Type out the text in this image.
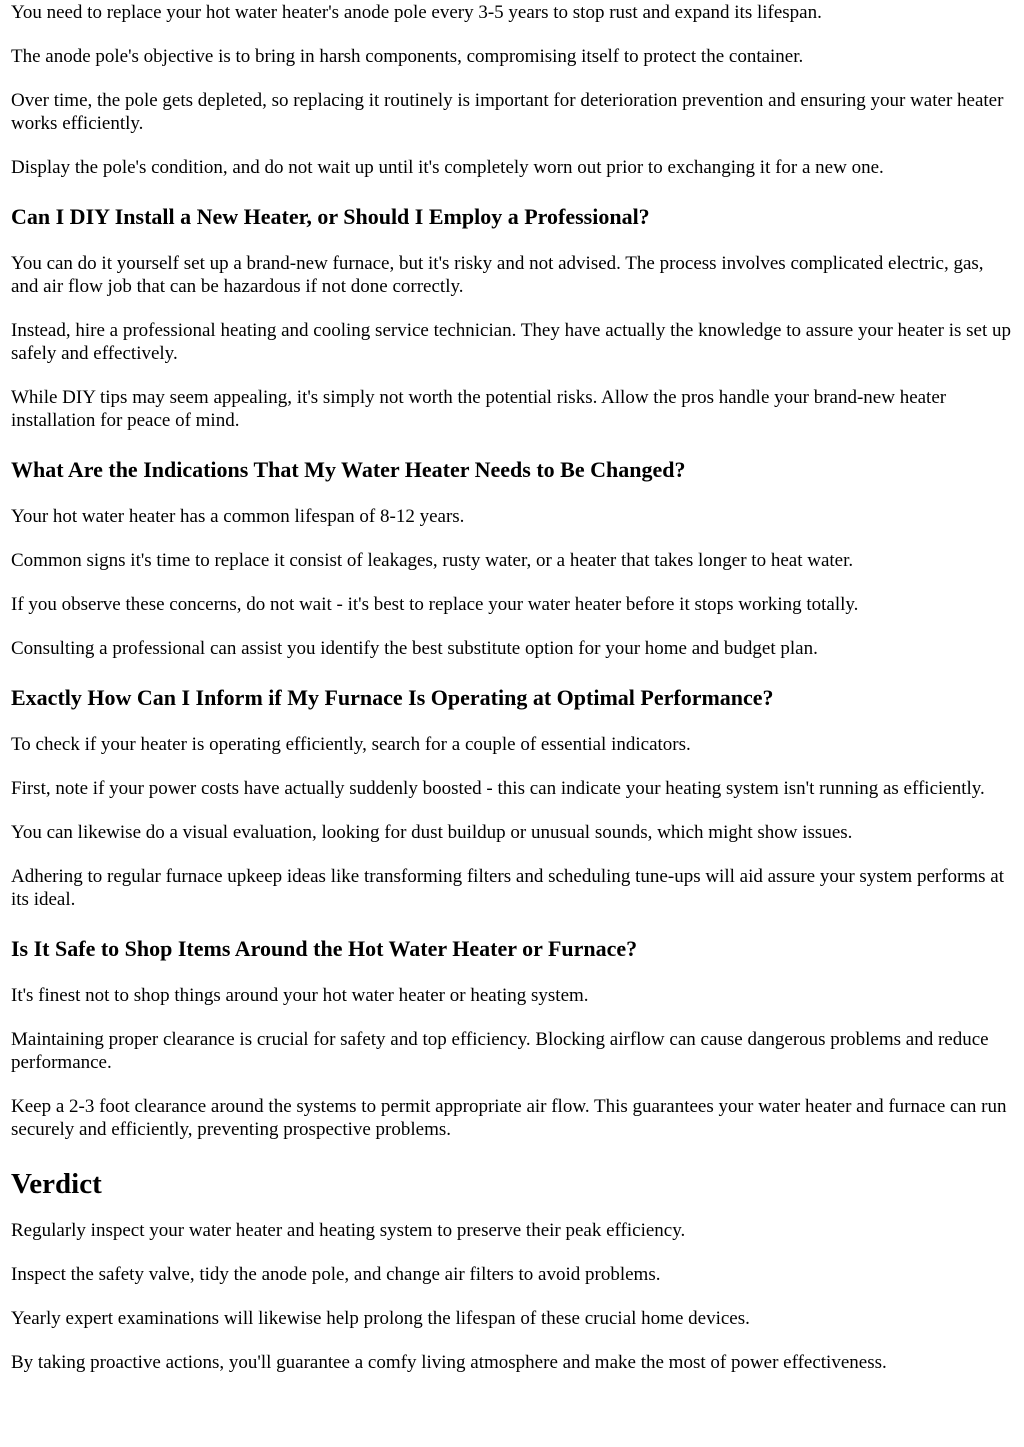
You need to replace your hot water heater's anode pole every 3-5 years to stop rust and expand its lifespan.

The anode pole's objective is to bring in harsh components, compromising itself to protect the container.

Over time, the pole gets depleted, so replacing it routinely is important for deterioration prevention and ensuring your water heater works efficiently.

Display the pole's condition, and do not wait up until it's completely worn out prior to exchanging it for a new one.

Can I DIY Install a New Heater, or Should I Employ a Professional?

You can do it yourself set up a brand-new furnace, but it's risky and not advised. The process involves complicated electric, gas, and air flow job that can be hazardous if not done correctly.

Instead, hire a professional heating and cooling service technician. They have actually the knowledge to assure your heater is set up safely and effectively.

While DIY tips may seem appealing, it's simply not worth the potential risks. Allow the pros handle your brand-new heater installation for peace of mind.

What Are the Indications That My Water Heater Needs to Be Changed?

Your hot water heater has a common lifespan of 8-12 years.

Common signs it's time to replace it consist of leakages, rusty water, or a heater that takes longer to heat water.

If you observe these concerns, do not wait - it's best to replace your water heater before it stops working totally.

Consulting a professional can assist you identify the best substitute option for your home and budget plan.

Exactly How Can I Inform if My Furnace Is Operating at Optimal Performance?

To check if your heater is operating efficiently, search for a couple of essential indicators.

First, note if your power costs have actually suddenly boosted - this can indicate your heating system isn't running as efficiently.

You can likewise do a visual evaluation, looking for dust buildup or unusual sounds, which might show issues.

Adhering to regular furnace upkeep ideas like transforming filters and scheduling tune-ups will aid assure your system performs at its ideal.

Is It Safe to Shop Items Around the Hot Water Heater or Furnace?

It's finest not to shop things around your hot water heater or heating system.

Maintaining proper clearance is crucial for safety and top efficiency. Blocking airflow can cause dangerous problems and reduce performance.

Keep a 2-3 foot clearance around the systems to permit appropriate air flow. This guarantees your water heater and furnace can run securely and efficiently, preventing prospective problems.

Verdict

Regularly inspect your water heater and heating system to preserve their peak efficiency.

Inspect the safety valve, tidy the anode pole, and change air filters to avoid problems.

Yearly expert examinations will likewise help prolong the lifespan of these crucial home devices.

By taking proactive actions, you'll guarantee a comfy living atmosphere and make the most of power effectiveness.
